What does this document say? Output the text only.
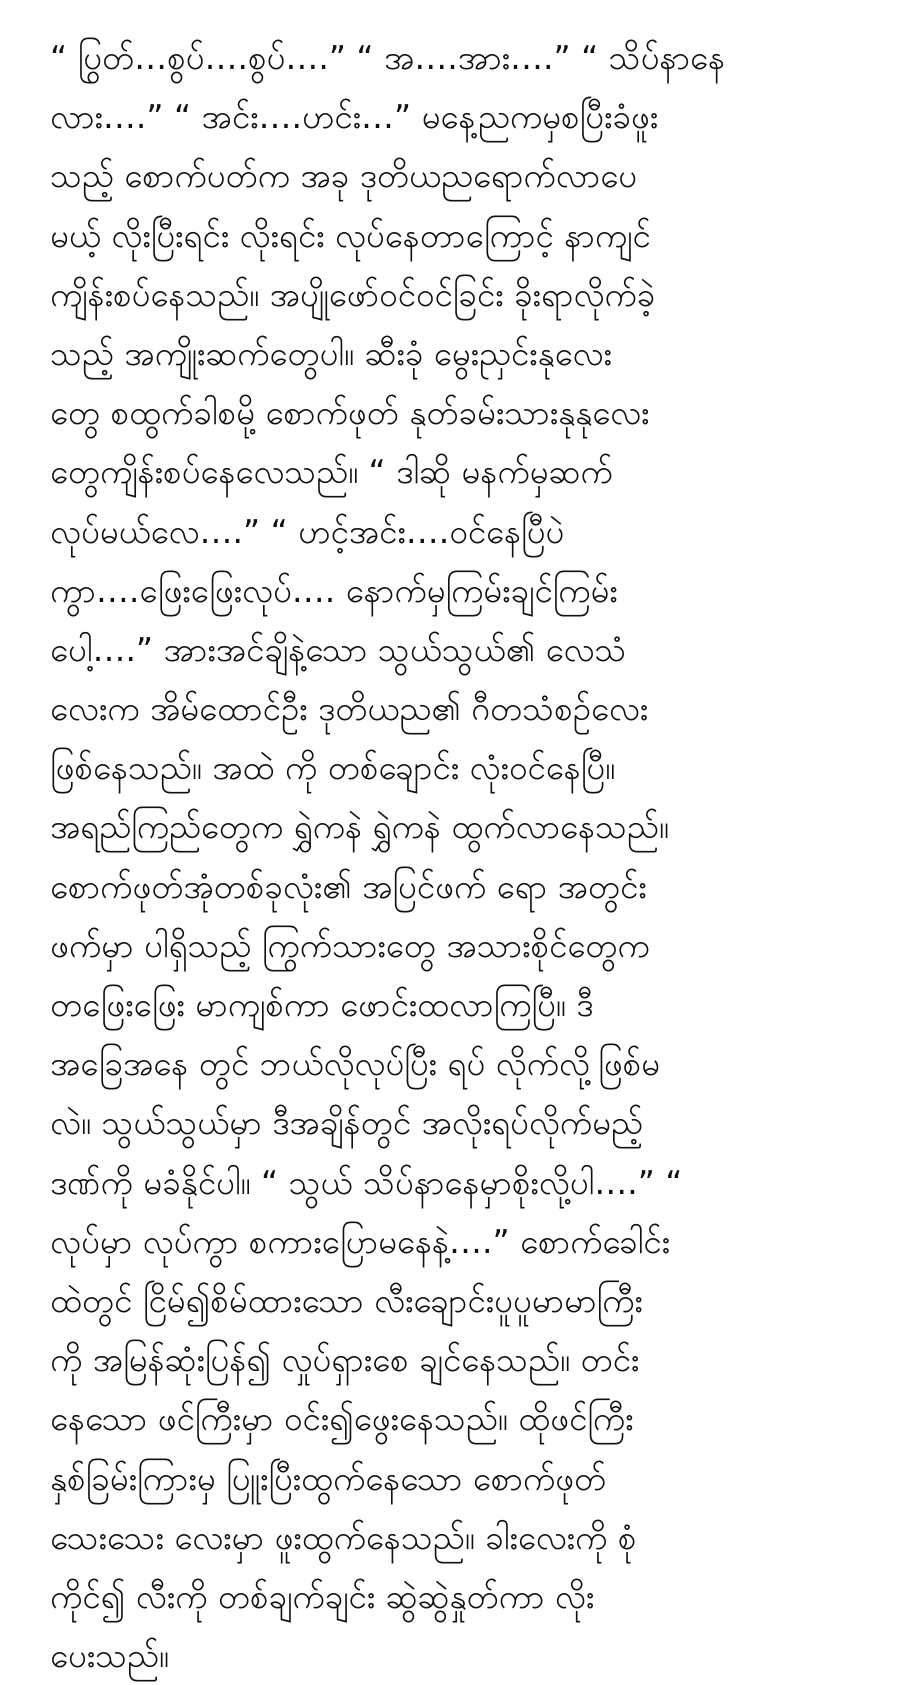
“ ပြွတ်…စွပ်….စွပ်….” “ အ….အား….” “ သိပ်နာနေ
လား….” “ အင်း….ဟင်း…” မနေ့ညကမှစပြီးခံဖူး
သည့် စောက်ပတ်က အခု ဒုတိယညရောက်လာပေ
မယ့် လိုးပြီးရင်း လိုးရင်း လုပ်နေတာကြောင့် နာကျင်
ကျိန်းစပ်နေသည်။ အပျိုဖော်ဝင်ဝင်ခြင်း ခိုးရာလိုက်ခဲ့
သည့် အကျိုးဆက်တွေပါ။ ဆီးခုံ မွေးညှင်းနုလေး
တွေ စထွက်ခါစမို့ စောက်ဖုတ် နုတ်ခမ်းသားနုနုလေး
တွေကျိန်းစပ်နေလေသည်။ “ ဒါဆို မနက်မှဆက်
လုပ်မယ်လေ….” “ ဟင့်အင်း….ဝင်နေပြီပဲ
ကွာ….ဖြေးဖြေးလုပ်…. နောက်မှကြမ်းချင်ကြမ်း
ပေါ့….” အားအင်ချိနဲ့သော သွယ်သွယ်၏ လေသံ
လေးက အိမ်ထောင်ဦး ဒုတိယည၏ ဂီတသံစဉ်လေး
ဖြစ်နေသည်။ အထဲ ကို တစ်ချောင်း လုံးဝင်နေပြီ။
အရည်ကြည်တွေက ရွှဲကနဲ ရွှဲကနဲ ထွက်လာနေသည်။
စောက်ဖုတ်အုံတစ်ခုလုံး၏ အပြင်ဖက် ရော အတွင်း
ဖက်မှာ ပါရှိသည့် ကြွက်သားတွေ အသားစိုင်တွေက
တဖြေးဖြေး မာကျစ်ကာ ဖောင်းထလာကြပြီ။ ဒီ
အခြေအနေ တွင် ဘယ်လိုလုပ်ပြီး ရပ် လိုက်လို့ဖြစ်မ
လဲ။ သွယ်သွယ်မှာ ဒီအချိန်တွင် အလိုးရပ်လိုက်မည့်
ဒဏ်ကို မခံနိုင်ပါ။ “ သွယ် သိပ်နာနေမှာစိုးလို့ပါ….” “
လုပ်မှာ လုပ်ကွာ စကားပြောမနေနဲ့….” စောက်ခေါင်း
ထဲတွင် ငြိမ်၍စိမ်ထားသော လီးချောင်းပူပူမာမာကြီး
ကို အမြန်ဆုံးပြန်၍ လှုပ်ရှားစေ ချင်နေသည်။ တင်း
နေသော ဖင်ကြီးမှာ ဝင်း၍ဖွေးနေသည်။ ထိုဖင်ကြီး
နှစ်ခြမ်းကြားမှ ပြူးပြီးထွက်နေသော စောက်ဖုတ်
သေးသေး လေးမှာ ဖူးထွက်နေသည်။ ခါးလေးကို စုံ
ကိုင်၍ လီးကို တစ်ချက်ချင်း ဆွဲဆွဲနှုတ်ကာ လိုး
ပေးသည်။
